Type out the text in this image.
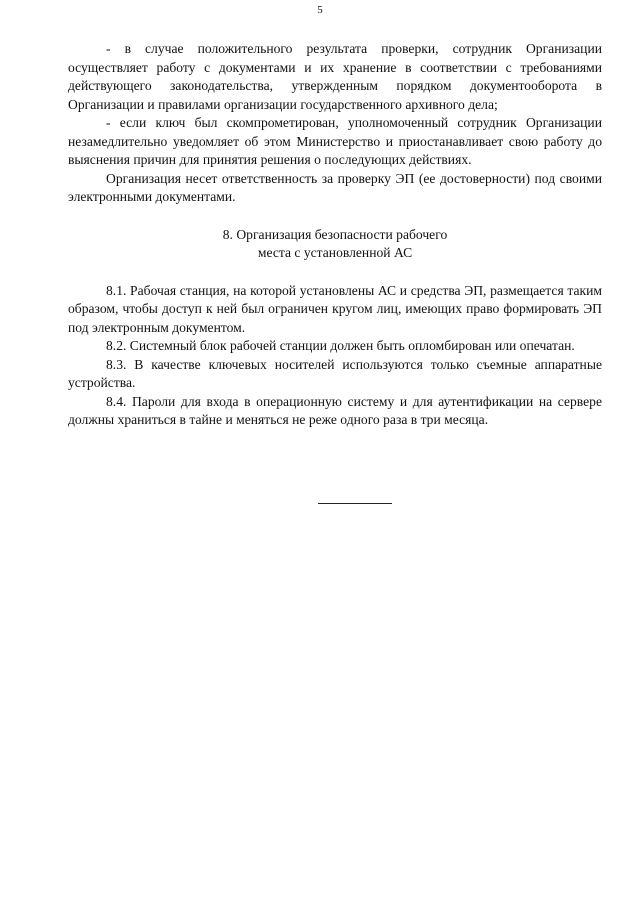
5

- в случае положительного результата проверки, сотрудник Организации осуществляет работу с документами и их хранение в соответствии с требованиями действующего законодательства, утвержденным порядком документооборота в Организации и правилами организации государственного архивного дела;

- если ключ был скомпрометирован, уполномоченный сотрудник Организации незамедлительно уведомляет об этом Министерство и приостанавливает свою работу до выяснения причин для принятия решения о последующих действиях.

Организация несет ответственность за проверку ЭП (ее достоверности) под своими электронными документами.

8. Организация безопасности рабочего
места с установленной АС

8.1. Рабочая станция, на которой установлены АС и средства ЭП, размещается таким образом, чтобы доступ к ней был ограничен кругом лиц, имеющих право формировать ЭП под электронным документом.

8.2. Системный блок рабочей станции должен быть опломбирован или опечатан.

8.3. В качестве ключевых носителей используются только съемные аппаратные устройства.

8.4. Пароли для входа в операционную систему и для аутентификации на сервере должны храниться в тайне и меняться не реже одного раза в три месяца.
